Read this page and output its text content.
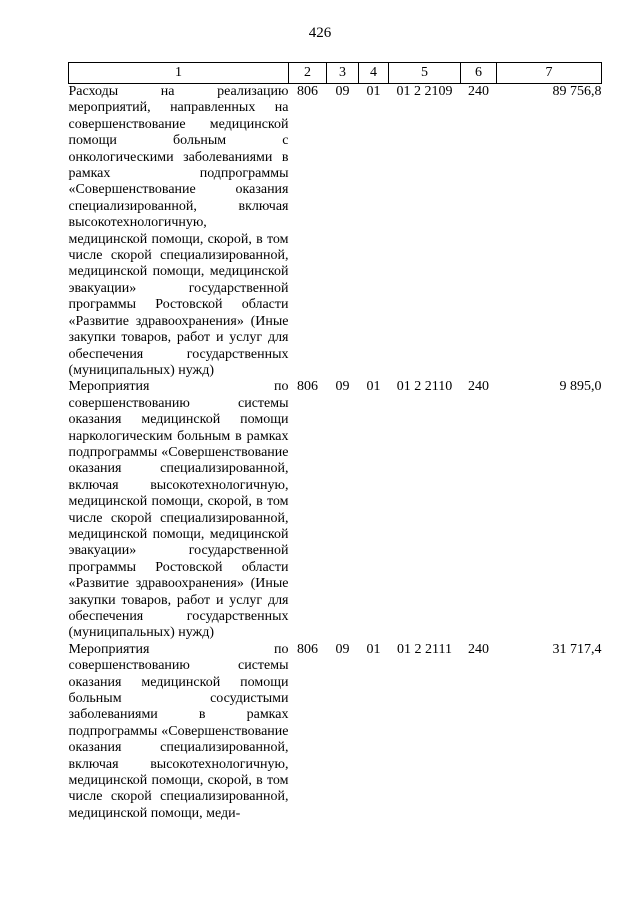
426
1	2	3	4	5	6	7
Расходы на реализацию мероприятий, направленных на совершенствование медицинской помощи больным с онкологическими заболеваниями в рамках подпрограммы «Совершенствование оказания специализированной, включая высокотехнологичную, медицинской помощи, скорой, в том числе скорой специализированной, медицинской помощи, медицинской эвакуации» государственной программы Ростовской области «Развитие здравоохранения» (Иные закупки товаров, работ и услуг для обеспечения государственных (муниципальных) нужд)	806	09	01	01 2 2109	240	89 756,8
Мероприятия по совершенствованию системы оказания медицинской помощи наркологическим больным в рамках подпрограммы «Совершенствование оказания специализированной, включая высокотехнологичную, медицинской помощи, скорой, в том числе скорой специализированной, медицинской помощи, медицинской эвакуации» государственной программы Ростовской области «Развитие здравоохранения» (Иные закупки товаров, работ и услуг для обеспечения государственных (муниципальных) нужд)	806	09	01	01 2 2110	240	9 895,0
Мероприятия по совершенствованию системы оказания медицинской помощи больным сосудистыми заболеваниями в рамках подпрограммы «Совершенствование оказания специализированной, включая высокотехнологичную, медицинской помощи, скорой, в том числе скорой специализированной, медицинской помощи, меди-	806	09	01	01 2 2111	240	31 717,4
